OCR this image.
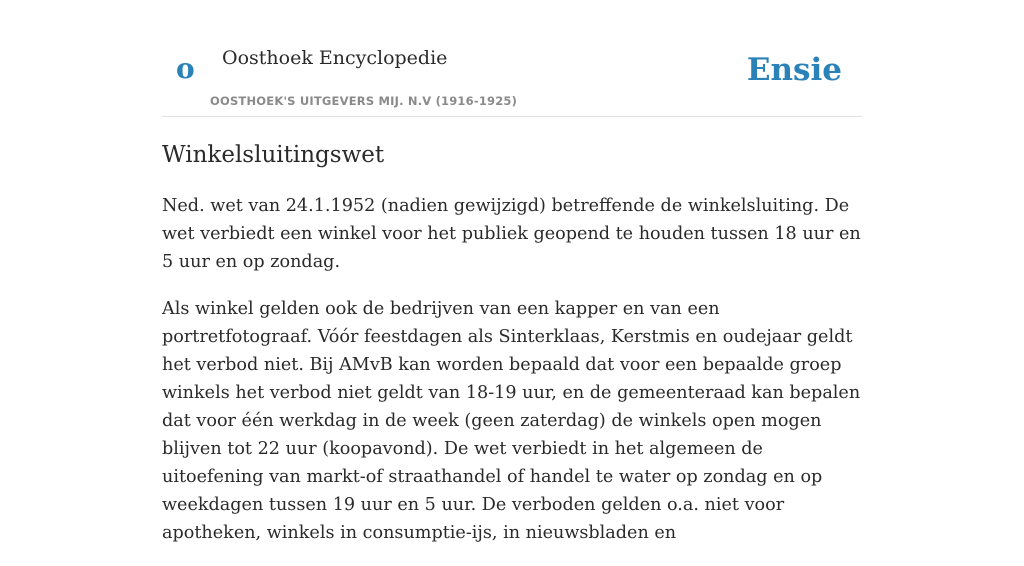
o Oosthoek Encyclopedie
OOSTHOEK'S UITGEVERS MIJ. N.V (1916-1925)
Ensie
Winkelsluitingswet

Ned. wet van 24.1.1952 (nadien gewijzigd) betreffende de winkelsluiting. De wet verbiedt een winkel voor het publiek geopend te houden tussen 18 uur en 5 uur en op zondag.

Als winkel gelden ook de bedrijven van een kapper en van een portretfotograaf. Vóór feestdagen als Sinterklaas, Kerstmis en oudejaar geldt het verbod niet. Bij AMvB kan worden bepaald dat voor een bepaalde groep winkels het verbod niet geldt van 18-19 uur, en de gemeenteraad kan bepalen dat voor één werkdag in de week (geen zaterdag) de winkels open mogen blijven tot 22 uur (koopavond). De wet verbiedt in het algemeen de uitoefening van markt-of straathandel of handel te water op zondag en op weekdagen tussen 19 uur en 5 uur. De verboden gelden o.a. niet voor apotheken, winkels in consumptie-ijs, in nieuwsbladen en
